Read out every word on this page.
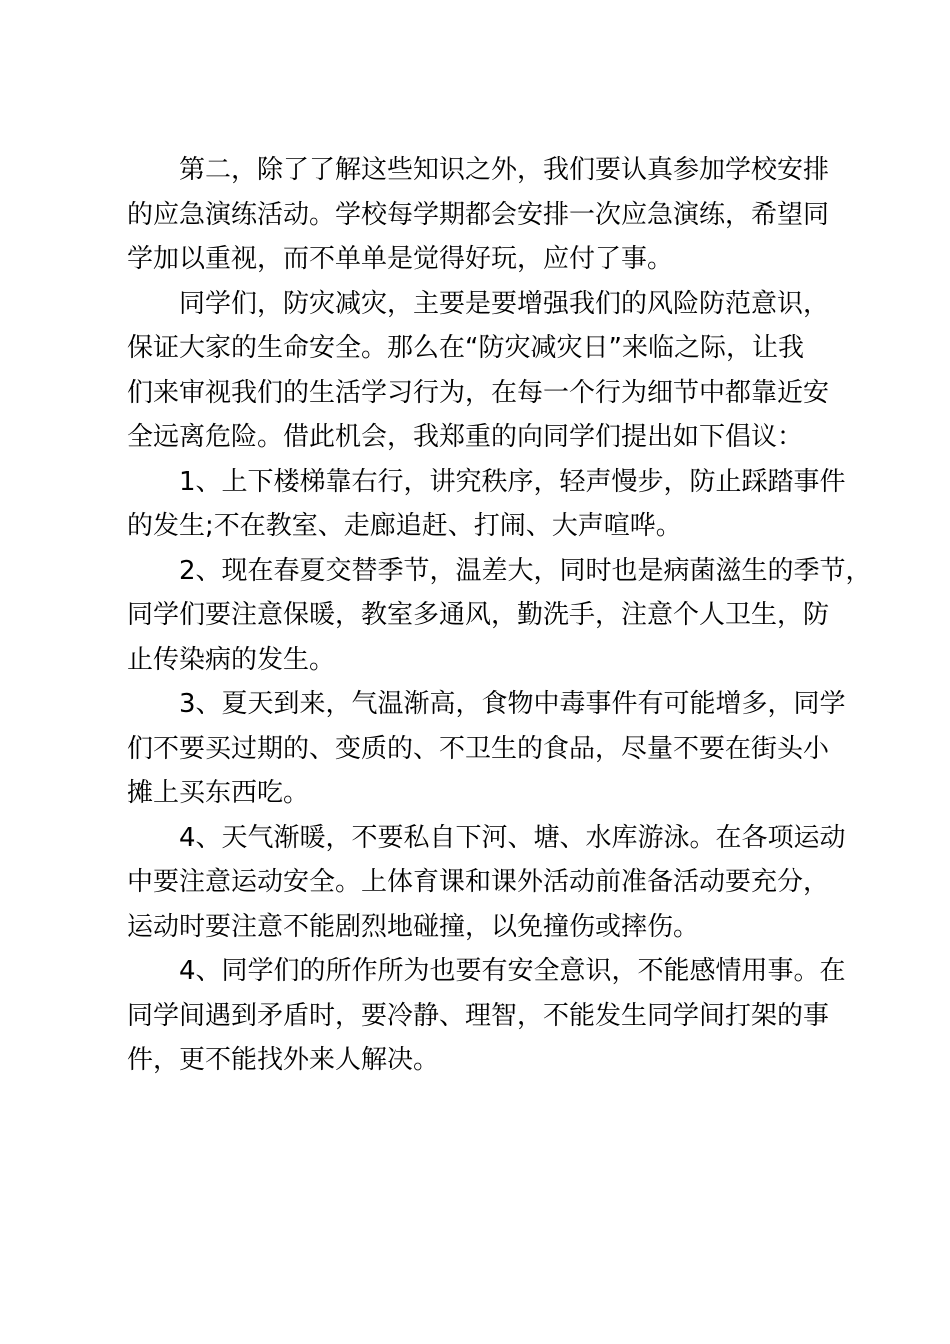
第二，除了了解这些知识之外，我们要认真参加学校安排
的应急演练活动。学校每学期都会安排一次应急演练，希望同
学加以重视，而不单单是觉得好玩，应付了事。
同学们，防灾减灾，主要是要增强我们的风险防范意识，
保证大家的生命安全。那么在“防灾减灾日”来临之际，让我
们来审视我们的生活学习行为，在每一个行为细节中都靠近安
全远离危险。借此机会，我郑重的向同学们提出如下倡议：
1、上下楼梯靠右行，讲究秩序，轻声慢步，防止踩踏事件
的发生;不在教室、走廊追赶、打闹、大声喧哗。
2、现在春夏交替季节，温差大，同时也是病菌滋生的季节，
同学们要注意保暖，教室多通风，勤洗手，注意个人卫生，防
止传染病的发生。
3、夏天到来，气温渐高，食物中毒事件有可能增多，同学
们不要买过期的、变质的、不卫生的食品，尽量不要在街头小
摊上买东西吃。
4、天气渐暖，不要私自下河、塘、水库游泳。在各项运动
中要注意运动安全。上体育课和课外活动前准备活动要充分，
运动时要注意不能剧烈地碰撞，以免撞伤或摔伤。
4、同学们的所作所为也要有安全意识，不能感情用事。在
同学间遇到矛盾时，要冷静、理智，不能发生同学间打架的事
件，更不能找外来人解决。
